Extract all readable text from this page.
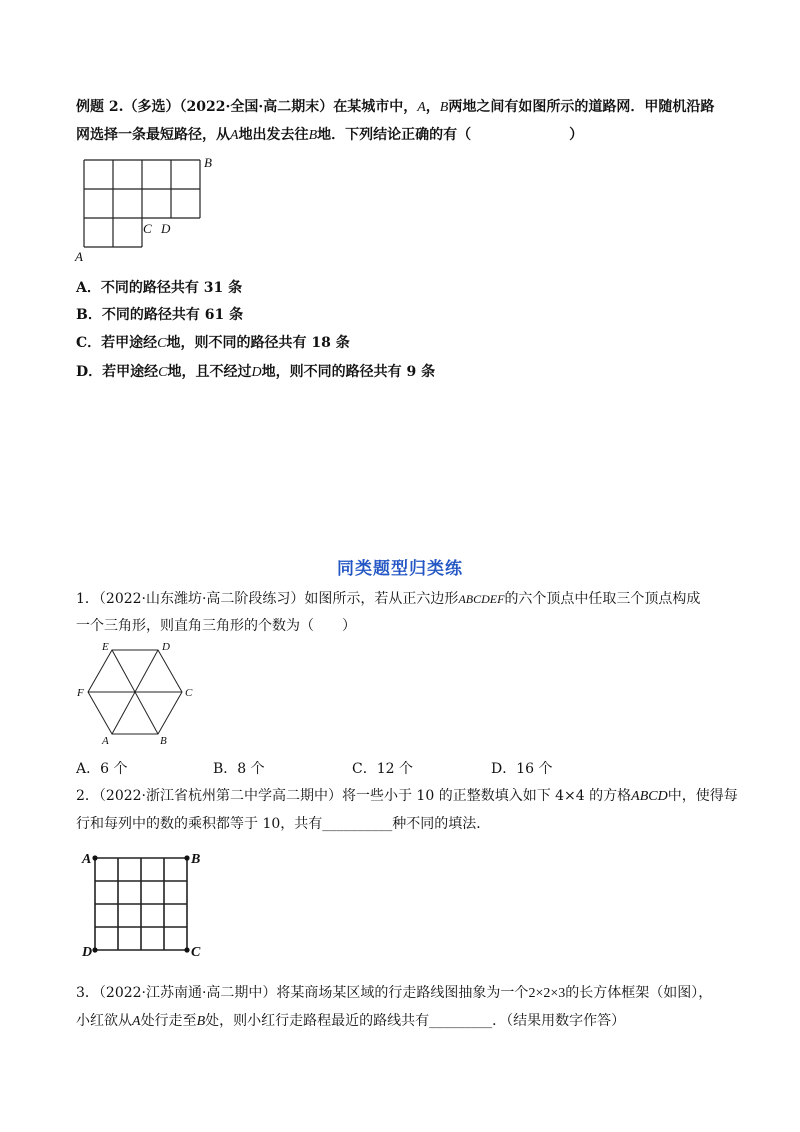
例题 2.（多选）（2022·全国·高二期末）在某城市中，A，B两地之间有如图所示的道路网．甲随机沿路
网选择一条最短路径，从A地出发去往B地．下列结论正确的有（	）
B
C D
A
A．不同的路径共有 31 条
B．不同的路径共有 61 条
C．若甲途经C地，则不同的路径共有 18 条
D．若甲途经C地，且不经过D地，则不同的路径共有 9 条
同类题型归类练
1．（2022·山东潍坊·高二阶段练习）如图所示，若从正六边形ABCDEF的六个顶点中任取三个顶点构成
一个三角形，则直角三角形的个数为（　　）
E	D
F	C
A	B
A．6 个	B．8 个	C．12 个	D．16 个
2．（2022·浙江省杭州第二中学高二期中）将一些小于 10 的正整数填入如下 4×4 的方格ABCD中，使得每
行和每列中的数的乘积都等于 10，共有__________种不同的填法．
A	B
D	C
3．（2022·江苏南通·高二期中）将某商场某区域的行走路线图抽象为一个2×2×3的长方体框架（如图），
小红欲从A处行走至B处，则小红行走路程最近的路线共有_________．（结果用数字作答）
